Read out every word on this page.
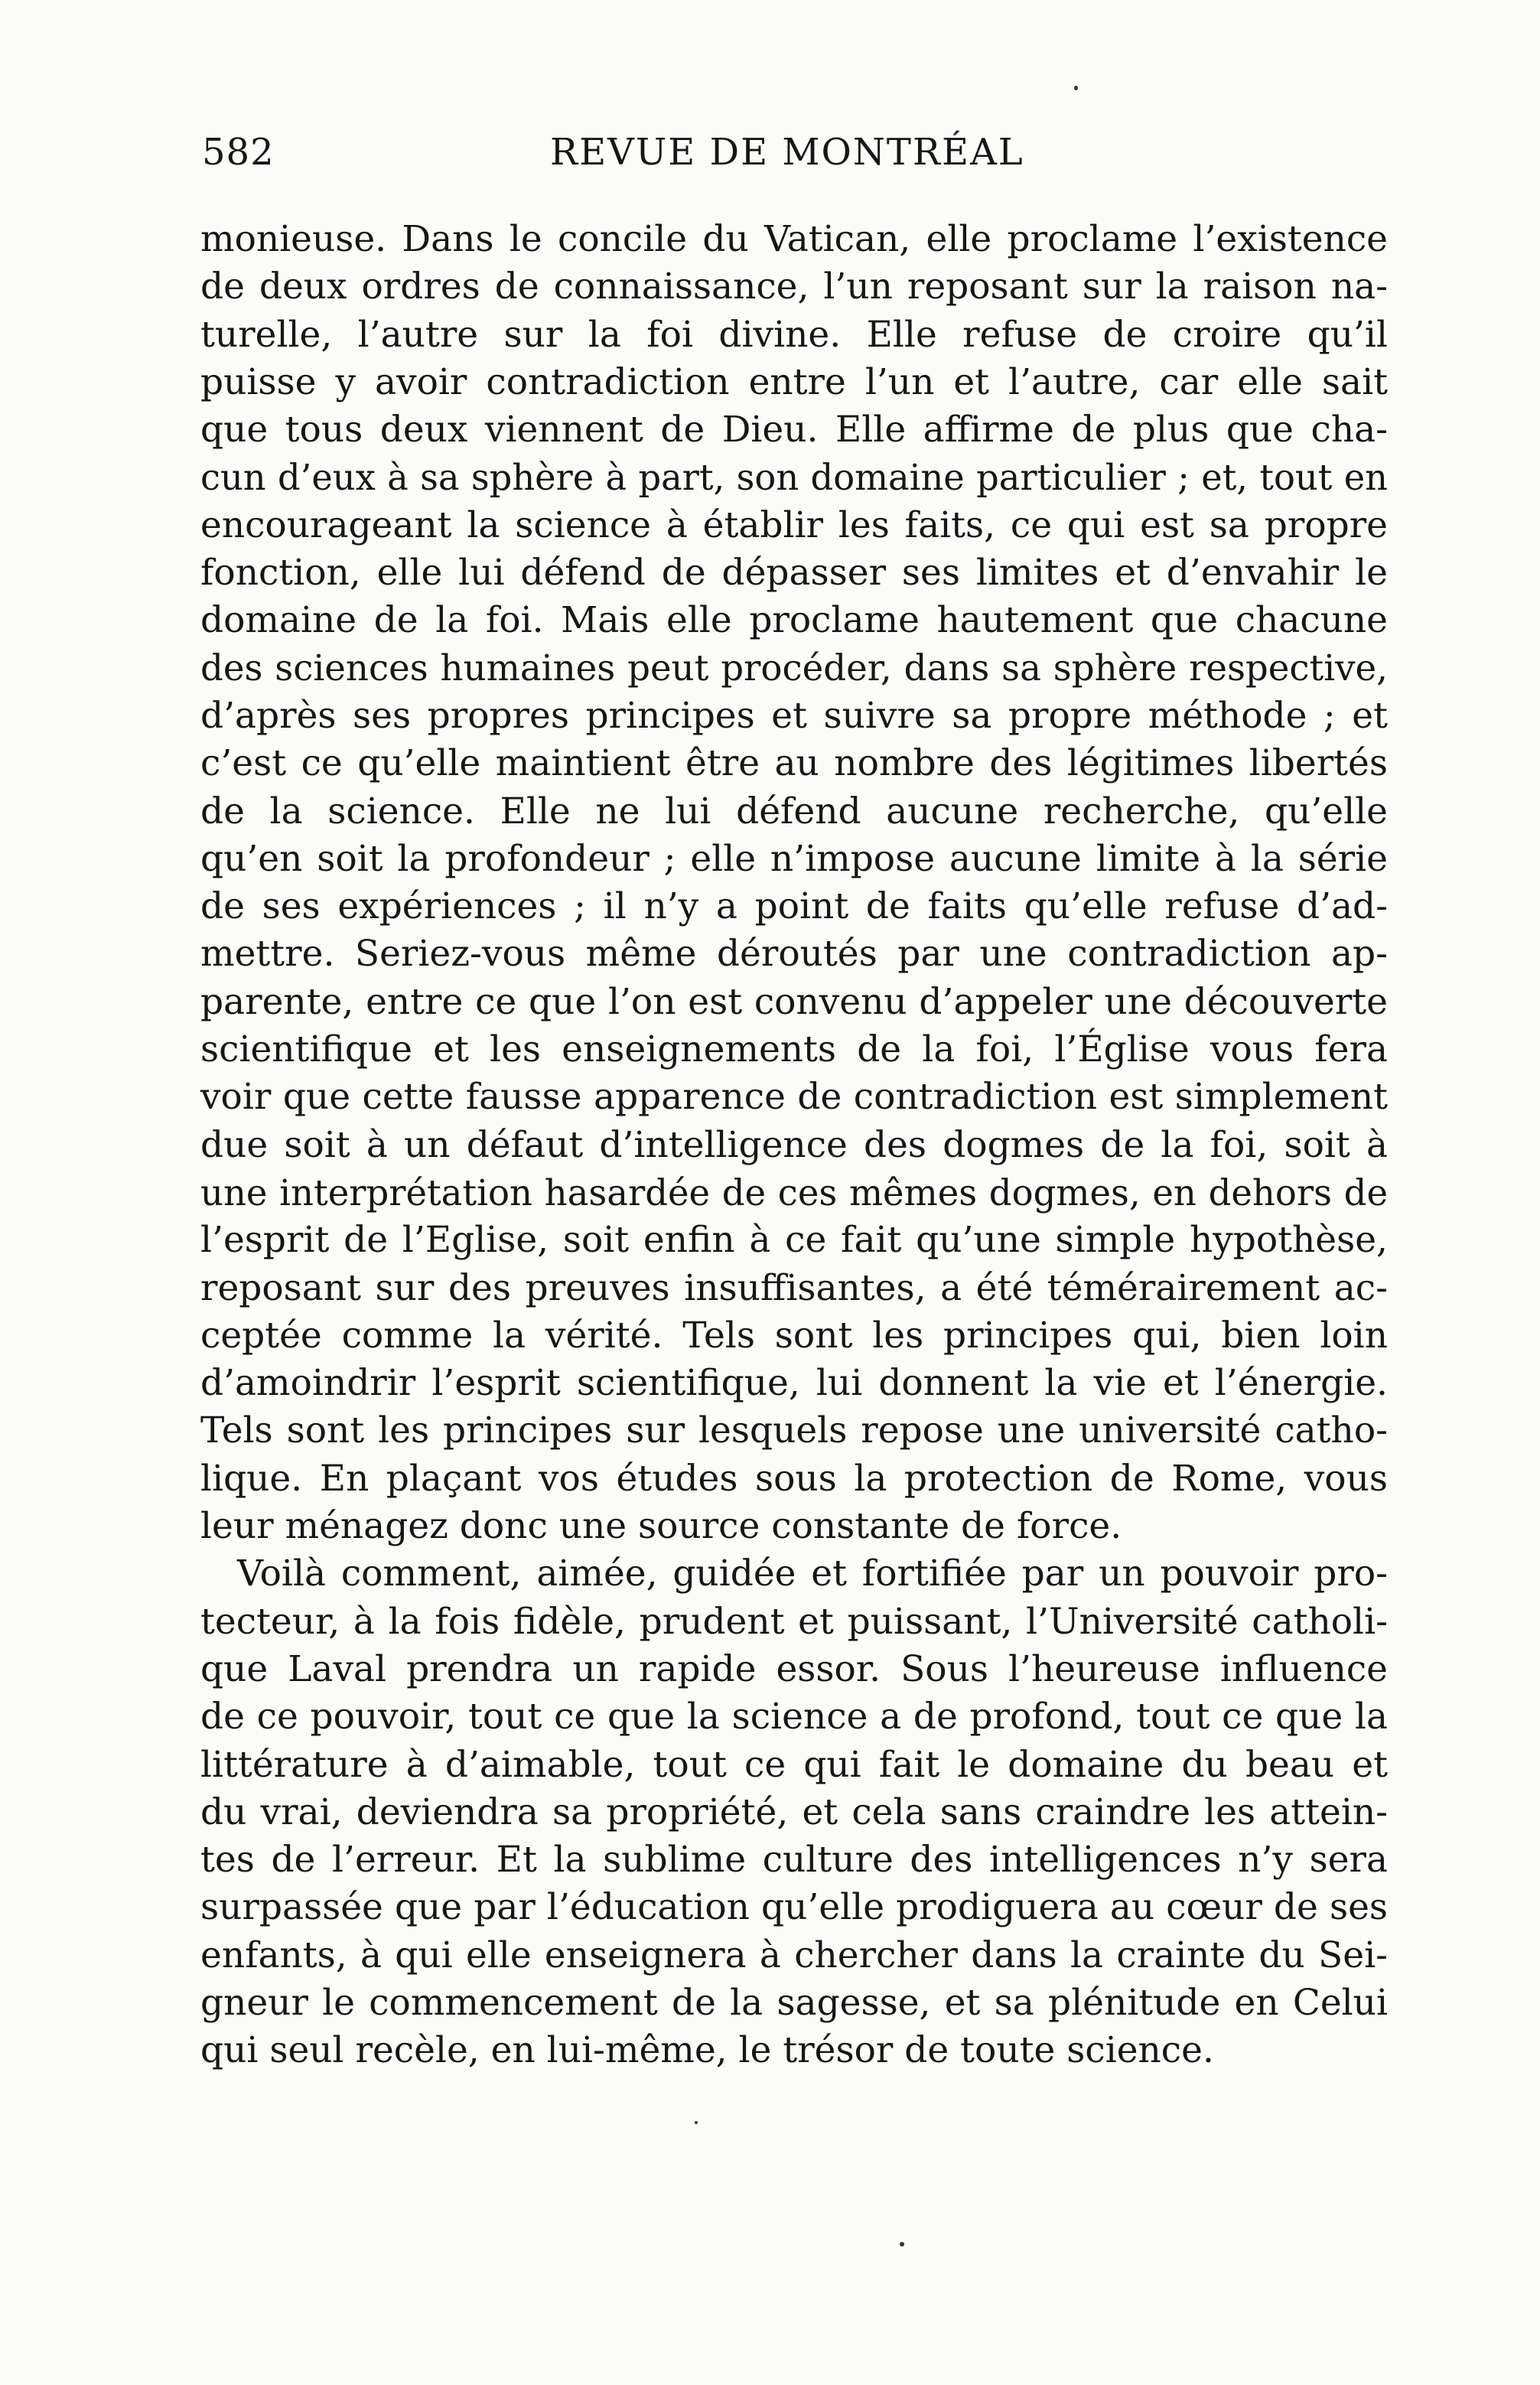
582	REVUE DE MONTRÉAL
monieuse. Dans le concile du Vatican, elle proclame l’existence
de deux ordres de connaissance, l’un reposant sur la raison na-
turelle, l’autre sur la foi divine. Elle refuse de croire qu’il
puisse y avoir contradiction entre l’un et l’autre, car elle sait
que tous deux viennent de Dieu. Elle affirme de plus que cha-
cun d’eux à sa sphère à part, son domaine particulier ; et, tout en
encourageant la science à établir les faits, ce qui est sa propre
fonction, elle lui défend de dépasser ses limites et d’envahir le
domaine de la foi. Mais elle proclame hautement que chacune
des sciences humaines peut procéder, dans sa sphère respective,
d’après ses propres principes et suivre sa propre méthode ; et
c’est ce qu’elle maintient être au nombre des légitimes libertés
de la science. Elle ne lui défend aucune recherche, qu’elle
qu’en soit la profondeur ; elle n’impose aucune limite à la série
de ses expériences ; il n’y a point de faits qu’elle refuse d’ad-
mettre. Seriez-vous même déroutés par une contradiction ap-
parente, entre ce que l’on est convenu d’appeler une découverte
scientifique et les enseignements de la foi, l’Église vous fera
voir que cette fausse apparence de contradiction est simplement
due soit à un défaut d’intelligence des dogmes de la foi, soit à
une interprétation hasardée de ces mêmes dogmes, en dehors de
l’esprit de l’Eglise, soit enfin à ce fait qu’une simple hypothèse,
reposant sur des preuves insuffisantes, a été témérairement ac-
ceptée comme la vérité. Tels sont les principes qui, bien loin
d’amoindrir l’esprit scientifique, lui donnent la vie et l’énergie.
Tels sont les principes sur lesquels repose une université catho-
lique. En plaçant vos études sous la protection de Rome, vous
leur ménagez donc une source constante de force.
Voilà comment, aimée, guidée et fortifiée par un pouvoir pro-
tecteur, à la fois fidèle, prudent et puissant, l’Université catholi-
que Laval prendra un rapide essor. Sous l’heureuse influence
de ce pouvoir, tout ce que la science a de profond, tout ce que la
littérature à d’aimable, tout ce qui fait le domaine du beau et
du vrai, deviendra sa propriété, et cela sans craindre les attein-
tes de l’erreur. Et la sublime culture des intelligences n’y sera
surpassée que par l’éducation qu’elle prodiguera au cœur de ses
enfants, à qui elle enseignera à chercher dans la crainte du Sei-
gneur le commencement de la sagesse, et sa plénitude en Celui
qui seul recèle, en lui-même, le trésor de toute science.
